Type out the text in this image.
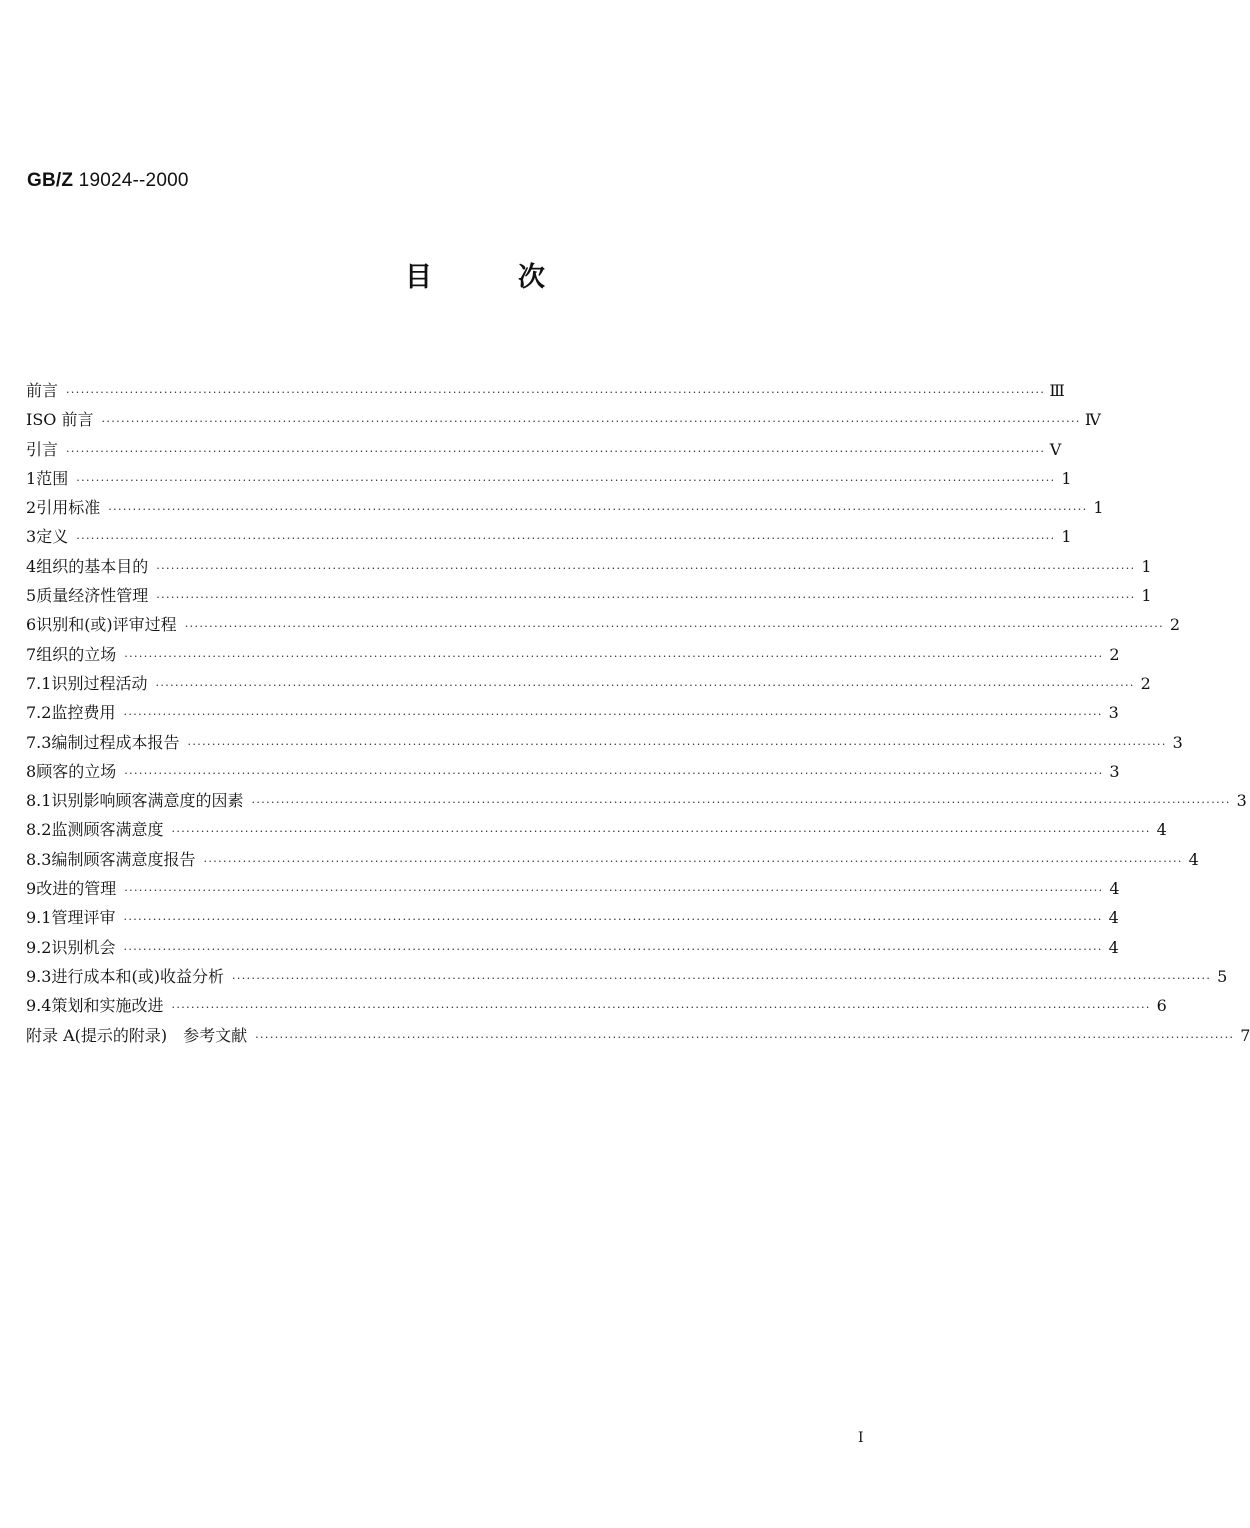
GB/Z 19024--2000
目	次
前言 ········································································································································································································ Ⅲ
ISO 前言 ········································································································································································································ Ⅳ
引言 ········································································································································································································ Ⅴ
1 范围 ········································································································································································································ 1
2 引用标准 ········································································································································································································ 1
3 定义 ········································································································································································································ 1
4 组织的基本目的 ········································································································································································································ 1
5 质量经济性管理 ········································································································································································································ 1
6 识别和(或)评审过程 ········································································································································································································ 2
7 组织的立场 ········································································································································································································ 2
7.1 识别过程活动 ········································································································································································································ 2
7.2 监控费用 ········································································································································································································ 3
7.3 编制过程成本报告 ········································································································································································································ 3
8 顾客的立场 ········································································································································································································ 3
8.1 识别影响顾客满意度的因素 ········································································································································································································ 3
8.2 监测顾客满意度 ········································································································································································································ 4
8.3 编制顾客满意度报告 ········································································································································································································ 4
9 改进的管理 ········································································································································································································ 4
9.1 管理评审 ········································································································································································································ 4
9.2 识别机会 ········································································································································································································ 4
9.3 进行成本和(或)收益分析 ········································································································································································································ 5
9.4 策划和实施改进 ········································································································································································································ 6
附录 A(提示的附录)　参考文献 ········································································································································································································ 7
I
